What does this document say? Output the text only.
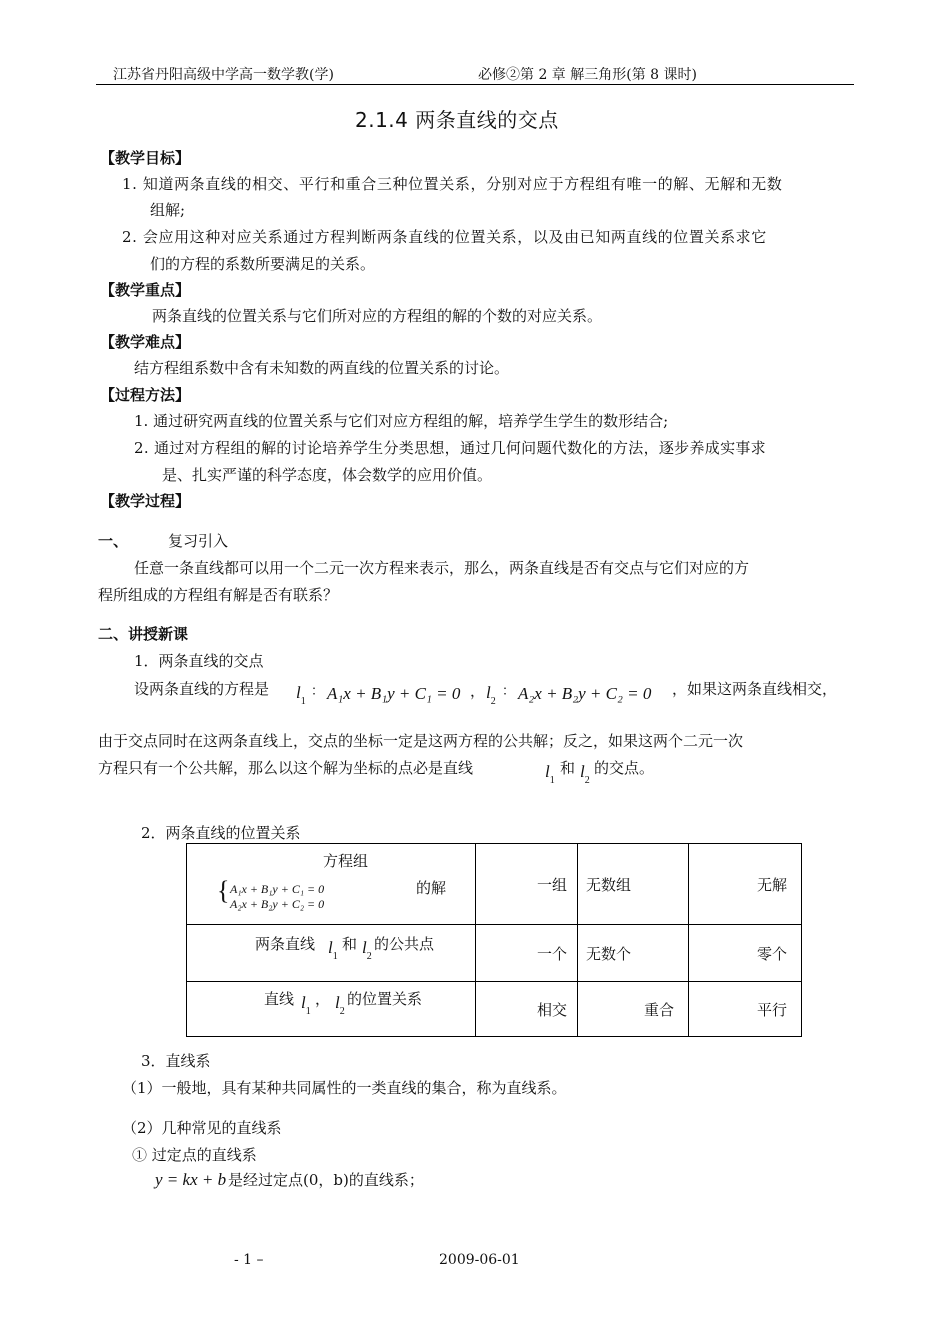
江苏省丹阳高级中学高一数学教(学)	必修②第 2 章 解三角形(第 8 课时)
2.1.4 两条直线的交点
【教学目标】
1. 知道两条直线的相交、平行和重合三种位置关系，分别对应于方程组有唯一的解、无解和无数
组解;
2. 会应用这种对应关系通过方程判断两条直线的位置关系，以及由已知两直线的位置关系求它
们的方程的系数所要满足的关系。
【教学重点】
两条直线的位置关系与它们所对应的方程组的解的个数的对应关系。
【教学难点】
结方程组系数中含有未知数的两直线的位置关系的讨论。
【过程方法】
1. 通过研究两直线的位置关系与它们对应方程组的解，培养学生学生的数形结合;
2. 通过对方程组的解的讨论培养学生分类思想，通过几何问题代数化的方法，逐步养成实事求
是、扎实严谨的科学态度，体会数学的应用价值。
【教学过程】
一、	复习引入
任意一条直线都可以用一个二元一次方程来表示，那么，两条直线是否有交点与它们对应的方
程所组成的方程组有解是否有联系？
二、讲授新课
1．两条直线的交点
设两条直线的方程是 $l_1$
： A₁x + B₁y + C₁ = 0 ， $l_2$
： A₂x + B₂y + C₂ = 0 ，如果这两条直线相交，
由于交点同时在这两条直线上，交点的坐标一定是这两方程的公共解；反之，如果这两个二元一次
方程只有一个公共解，那么以这个解为坐标的点必是直线	$l_1$
和 $l_2$
的交点。
2．两条直线的位置关系
方程组
{ A₁x + B₁y + C₁ = 0
A₂x + B₂y + C₂ = 0
的解	一组	无数组	无解

两条直线 $l_1$
和 $l_2$
的公共点	一个	无数个	零个

直线 $l_1$
， $l_2$
的位置关系	相交	重合	平行
3．直线系
（1）一般地，具有某种共同属性的一类直线的集合，称为直线系。
（2）几种常见的直线系
① 过定点的直线系
y = kx + b 是经过定点(0，b)的直线系；
- 1 –	2009-06-01
